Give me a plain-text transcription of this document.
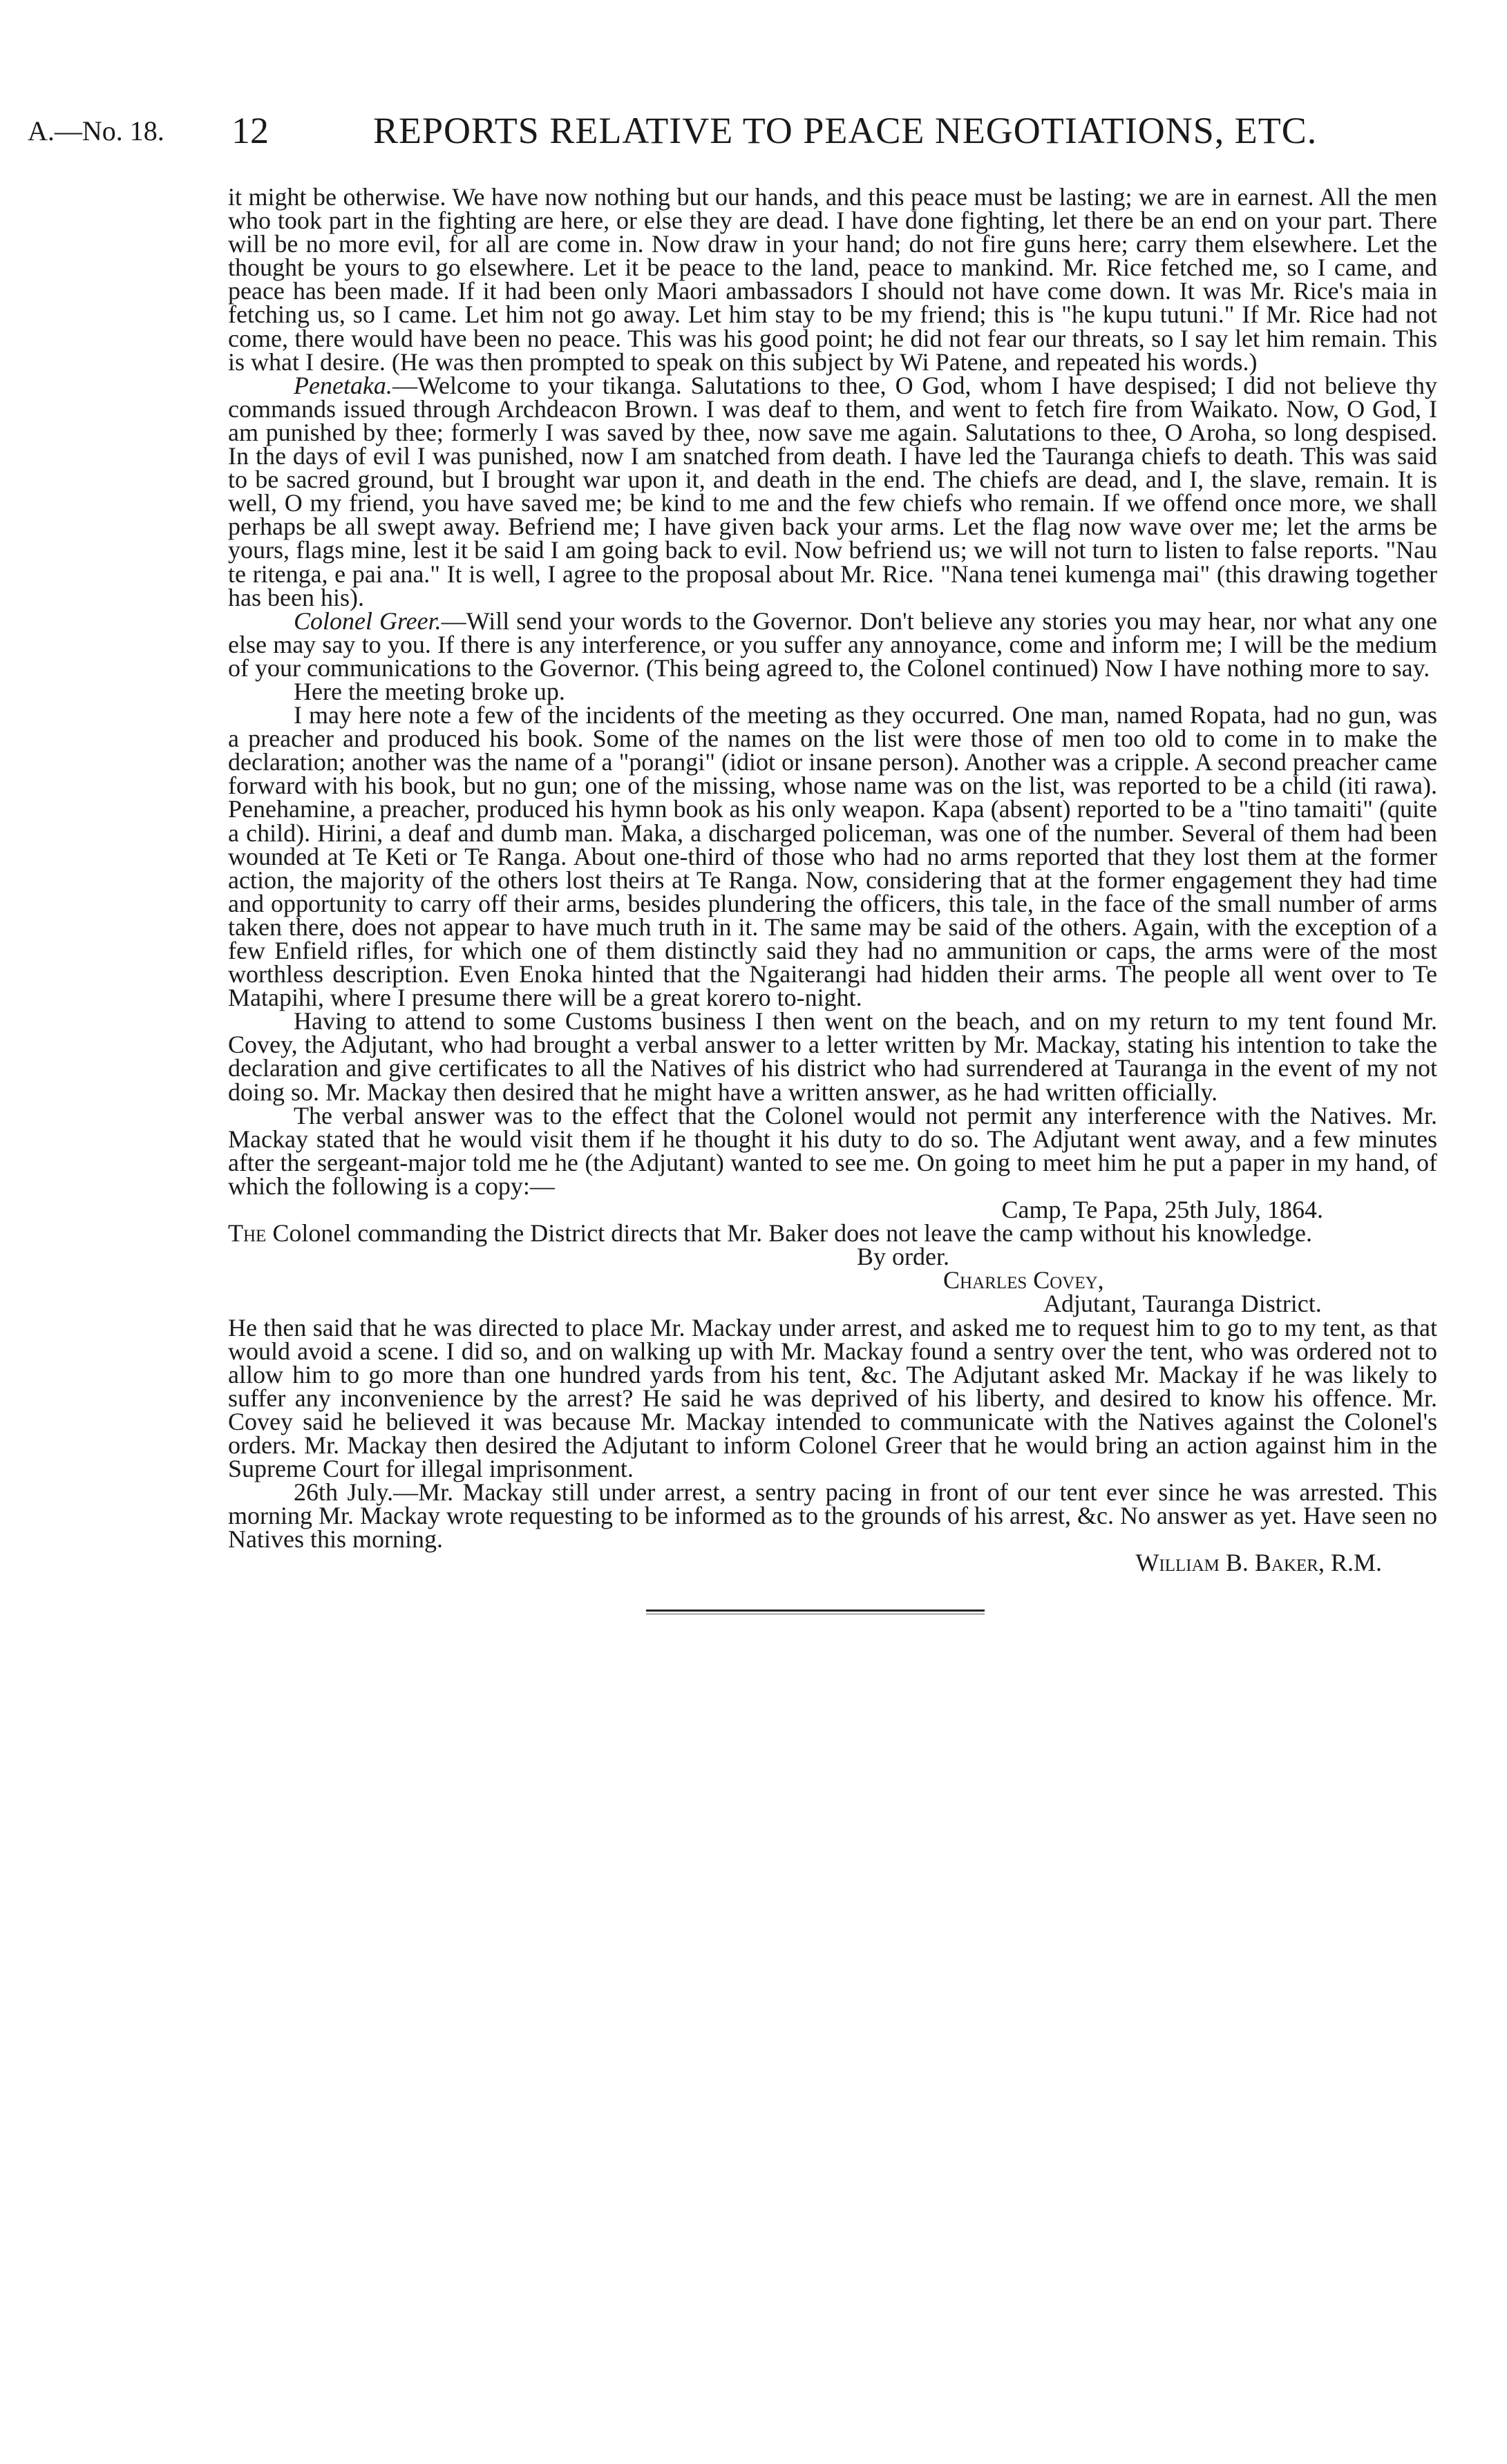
A.—No. 18. 12	REPORTS RELATIVE TO PEACE NEGOTIATIONS, ETC.

it might be otherwise. We have now nothing but our hands, and this peace must be lasting; we are in earnest. All the men who took part in the fighting are here, or else they are dead. I have done fighting, let there be an end on your part. There will be no more evil, for all are come in. Now draw in your hand; do not fire guns here; carry them elsewhere. Let the thought be yours to go elsewhere. Let it be peace to the land, peace to mankind. Mr. Rice fetched me, so I came, and peace has been made. If it had been only Maori ambassadors I should not have come down. It was Mr. Rice's maia in fetching us, so I came. Let him not go away. Let him stay to be my friend; this is "he kupu tutuni." If Mr. Rice had not come, there would have been no peace. This was his good point; he did not fear our threats, so I say let him remain. This is what I desire. (He was then prompted to speak on this subject by Wi Patene, and repeated his words.)

Penetaka.—Welcome to your tikanga. Salutations to thee, O God, whom I have despised; I did not believe thy commands issued through Archdeacon Brown. I was deaf to them, and went to fetch fire from Waikato. Now, O God, I am punished by thee; formerly I was saved by thee, now save me again. Salutations to thee, O Aroha, so long despised. In the days of evil I was punished, now I am snatched from death. I have led the Tauranga chiefs to death. This was said to be sacred ground, but I brought war upon it, and death in the end. The chiefs are dead, and I, the slave, remain. It is well, O my friend, you have saved me; be kind to me and the few chiefs who remain. If we offend once more, we shall perhaps be all swept away. Befriend me; I have given back your arms. Let the flag now wave over me; let the arms be yours, flags mine, lest it be said I am going back to evil. Now befriend us; we will not turn to listen to false reports. "Nau te ritenga, e pai ana." It is well, I agree to the proposal about Mr. Rice. "Nana tenei kumenga mai" (this drawing together has been his).

Colonel Greer.—Will send your words to the Governor. Don't believe any stories you may hear, nor what any one else may say to you. If there is any interference, or you suffer any annoyance, come and inform me; I will be the medium of your communications to the Governor. (This being agreed to, the Colonel continued) Now I have nothing more to say.

Here the meeting broke up.

I may here note a few of the incidents of the meeting as they occurred. One man, named Ropata, had no gun, was a preacher and produced his book. Some of the names on the list were those of men too old to come in to make the declaration; another was the name of a "porangi" (idiot or insane person). Another was a cripple. A second preacher came forward with his book, but no gun; one of the missing, whose name was on the list, was reported to be a child (iti rawa). Penehamine, a preacher, produced his hymn book as his only weapon. Kapa (absent) reported to be a "tino tamaiti" (quite a child). Hirini, a deaf and dumb man. Maka, a discharged policeman, was one of the number. Several of them had been wounded at Te Keti or Te Ranga. About one-third of those who had no arms reported that they lost them at the former action, the majority of the others lost theirs at Te Ranga. Now, considering that at the former engagement they had time and opportunity to carry off their arms, besides plundering the officers, this tale, in the face of the small number of arms taken there, does not appear to have much truth in it. The same may be said of the others. Again, with the exception of a few Enfield rifles, for which one of them distinctly said they had no ammunition or caps, the arms were of the most worthless description. Even Enoka hinted that the Ngaiterangi had hidden their arms. The people all went over to Te Matapihi, where I presume there will be a great korero to-night.

Having to attend to some Customs business I then went on the beach, and on my return to my tent found Mr. Covey, the Adjutant, who had brought a verbal answer to a letter written by Mr. Mackay, stating his intention to take the declaration and give certificates to all the Natives of his district who had surrendered at Tauranga in the event of my not doing so. Mr. Mackay then desired that he might have a written answer, as he had written officially.

The verbal answer was to the effect that the Colonel would not permit any interference with the Natives. Mr. Mackay stated that he would visit them if he thought it his duty to do so. The Adjutant went away, and a few minutes after the sergeant-major told me he (the Adjutant) wanted to see me. On going to meet him he put a paper in my hand, of which the following is a copy:—

Camp, Te Papa, 25th July, 1864.

The Colonel commanding the District directs that Mr. Baker does not leave the camp without his knowledge.

By order.

Charles Covey,

Adjutant, Tauranga District.

He then said that he was directed to place Mr. Mackay under arrest, and asked me to request him to go to my tent, as that would avoid a scene. I did so, and on walking up with Mr. Mackay found a sentry over the tent, who was ordered not to allow him to go more than one hundred yards from his tent, &c. The Adjutant asked Mr. Mackay if he was likely to suffer any inconvenience by the arrest? He said he was deprived of his liberty, and desired to know his offence. Mr. Covey said he believed it was because Mr. Mackay intended to communicate with the Natives against the Colonel's orders. Mr. Mackay then desired the Adjutant to inform Colonel Greer that he would bring an action against him in the Supreme Court for illegal imprisonment.

26th July.—Mr. Mackay still under arrest, a sentry pacing in front of our tent ever since he was arrested. This morning Mr. Mackay wrote requesting to be informed as to the grounds of his arrest, &c. No answer as yet. Have seen no Natives this morning.

William B. Baker, R.M.
